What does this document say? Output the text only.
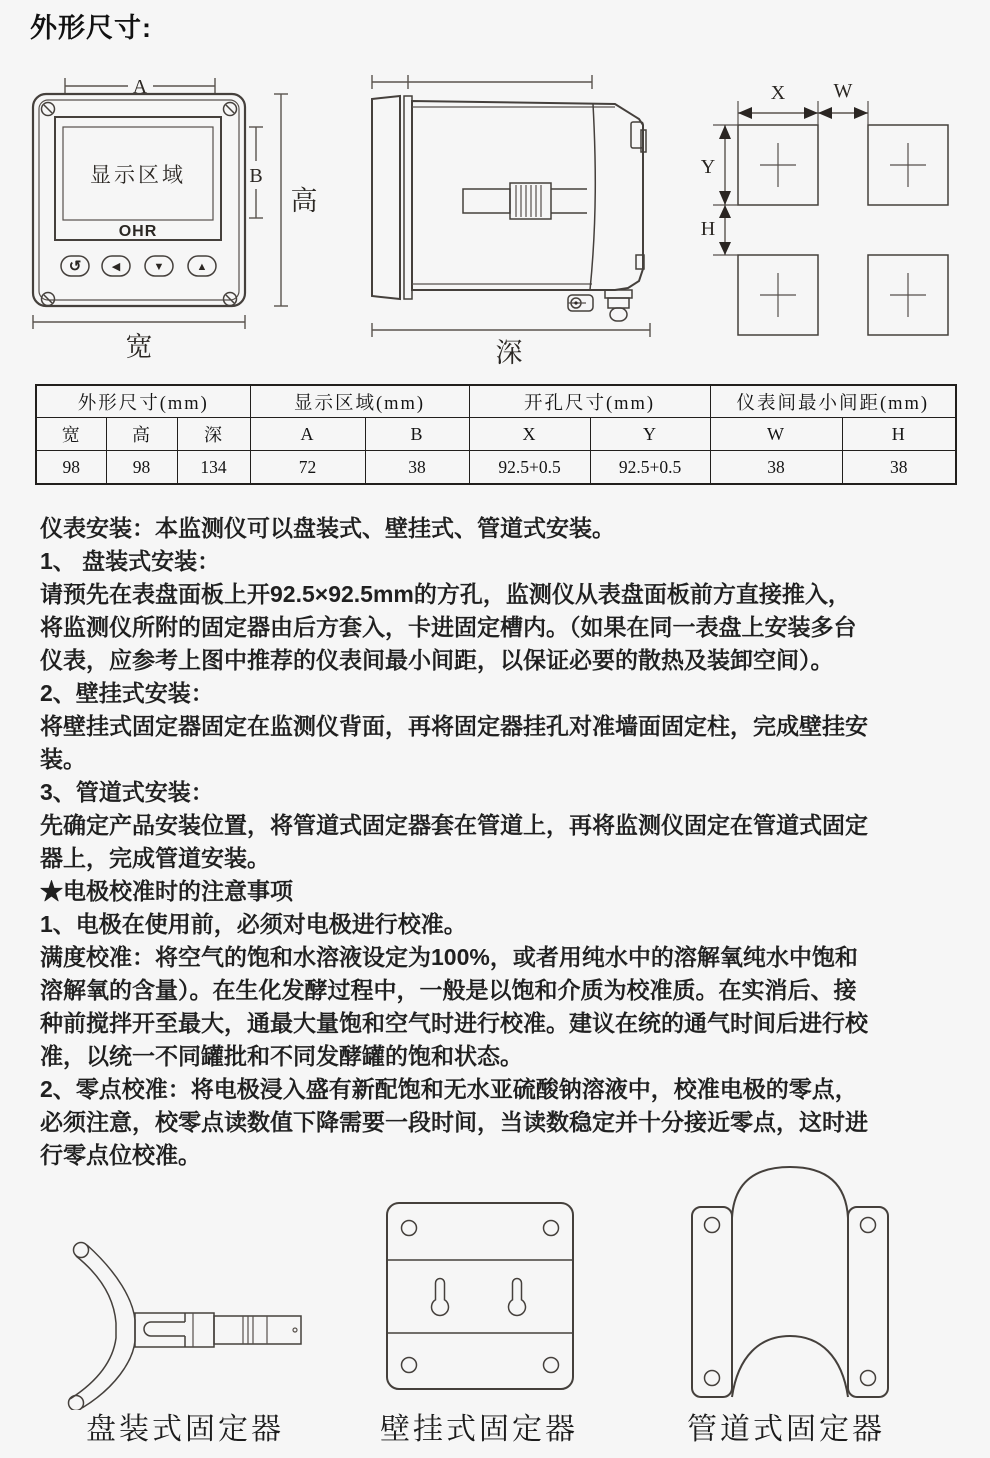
外形尺寸:
A
显示区域
OHR
↺	◀	▼	▲
B
高
宽	深
X W
Y
H
外形尺寸(mm)			显示区域(mm)		开孔尺寸(mm)		仪表间最小间距(mm)	
宽	高	深	A	B	X	Y	W	H
98	98	134	72	38	92.5+0.5	92.5+0.5	38	38
仪表安装：本监测仪可以盘装式、壁挂式、管道式安装。
1、 盘装式安装：
请预先在表盘面板上开92.5×92.5mm的方孔，监测仪从表盘面板前方直接推入，
将监测仪所附的固定器由后方套入，卡进固定槽内。（如果在同一表盘上安装多台
仪表，应参考上图中推荐的仪表间最小间距，以保证必要的散热及装卸空间）。
2、壁挂式安装：
将壁挂式固定器固定在监测仪背面，再将固定器挂孔对准墙面固定柱，完成壁挂安
装。
3、管道式安装：
先确定产品安装位置，将管道式固定器套在管道上，再将监测仪固定在管道式固定
器上，完成管道安装。
★电极校准时的注意事项
1、电极在使用前，必须对电极进行校准。
满度校准：将空气的饱和水溶液设定为100%，或者用纯水中的溶解氧纯水中饱和
溶解氧的含量）。在生化发酵过程中，一般是以饱和介质为校准质。在实消后、接
种前搅拌开至最大，通最大量饱和空气时进行校准。建议在统的通气时间后进行校
准，以统一不同罐批和不同发酵罐的饱和状态。
2、零点校准：将电极浸入盛有新配饱和无水亚硫酸钠溶液中，校准电极的零点，
必须注意，校零点读数值下降需要一段时间，当读数稳定并十分接近零点，这时进
行零点位校准。
盘装式固定器	壁挂式固定器	管道式固定器
